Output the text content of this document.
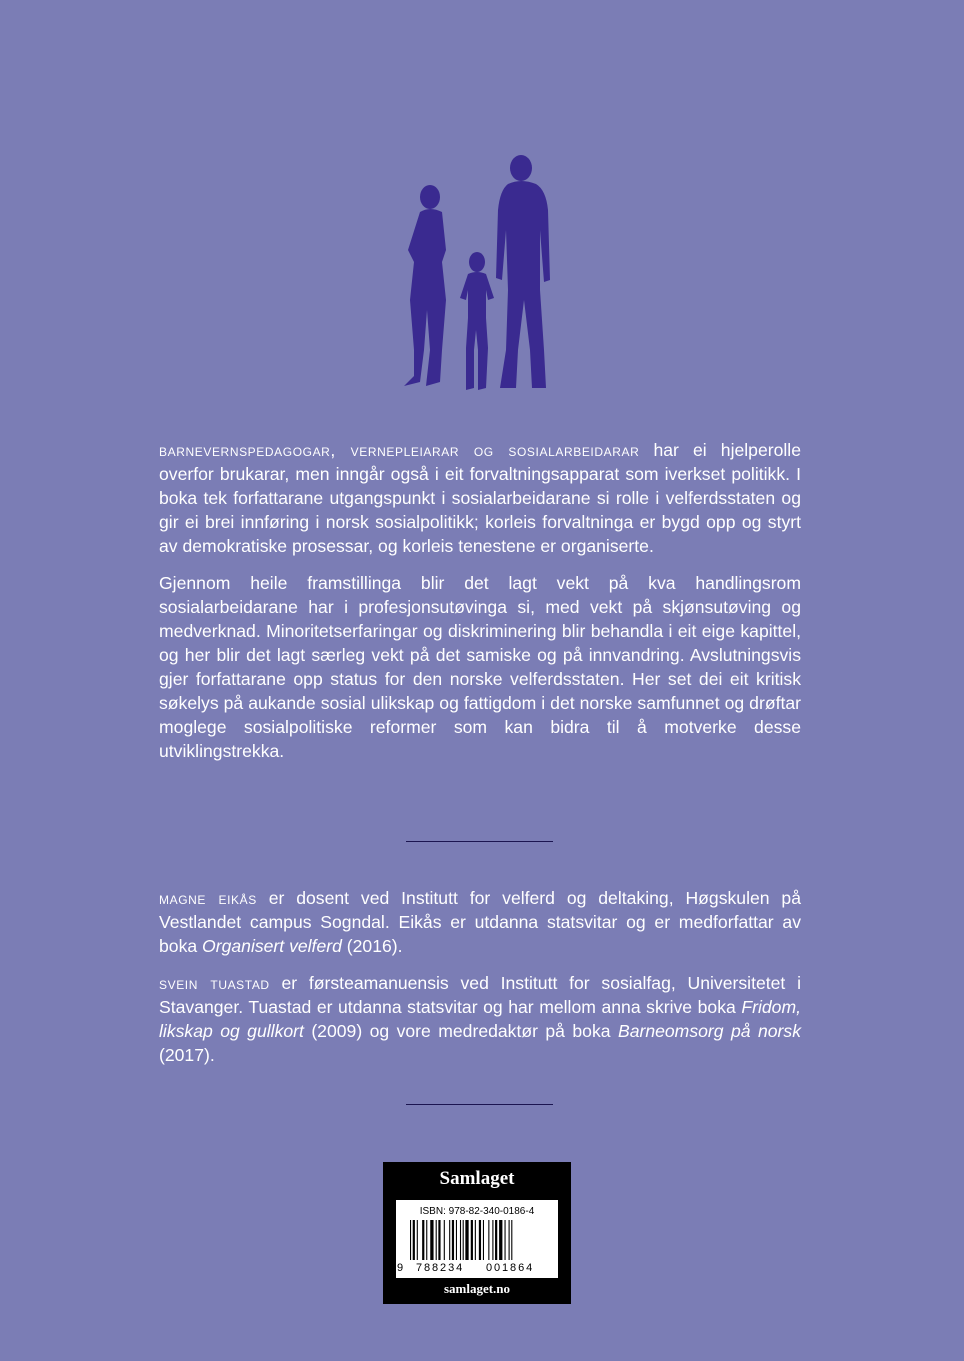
barnevernspedagogar, vernepleiarar og sosialarbeidarar har ei hjelperolle overfor brukarar, men inngår også i eit forvaltningsapparat som iverkset politikk. I boka tek forfattarane utgangspunkt i sosialarbeidarane si rolle i velferdsstaten og gir ei brei innføring i norsk sosialpolitikk; korleis forvaltninga er bygd opp og styrt av demokratiske prosessar, og korleis tenestene er organiserte.

Gjennom heile framstillinga blir det lagt vekt på kva handlingsrom sosialarbeidarane har i profesjonsutøvinga si, med vekt på skjønsutøving og medverknad. Minoritetserfaringar og diskriminering blir behandla i eit eige kapittel, og her blir det lagt særleg vekt på det samiske og på innvandring. Avslutningsvis gjer forfattarane opp status for den norske velferdsstaten. Her set dei eit kritisk søkelys på aukande sosial ulikskap og fattigdom i det norske samfunnet og drøftar moglege sosialpolitiske reformer som kan bidra til å motverke desse utviklingstrekka.

magne eikås er dosent ved Institutt for velferd og deltaking, Høgskulen på Vestlandet campus Sogndal. Eikås er utdanna statsvitar og er medforfattar av boka Organisert velferd (2016).

svein tuastad er førsteamanuensis ved Institutt for sosialfag, Universitetet i Stavanger. Tuastad er utdanna statsvitar og har mellom anna skrive boka Fridom, likskap og gullkort (2009) og vore medredaktør på boka Barneomsorg på norsk (2017).

Samlaget
ISBN: 978-82-340-0186-4
9 788234 001864
samlaget.no
